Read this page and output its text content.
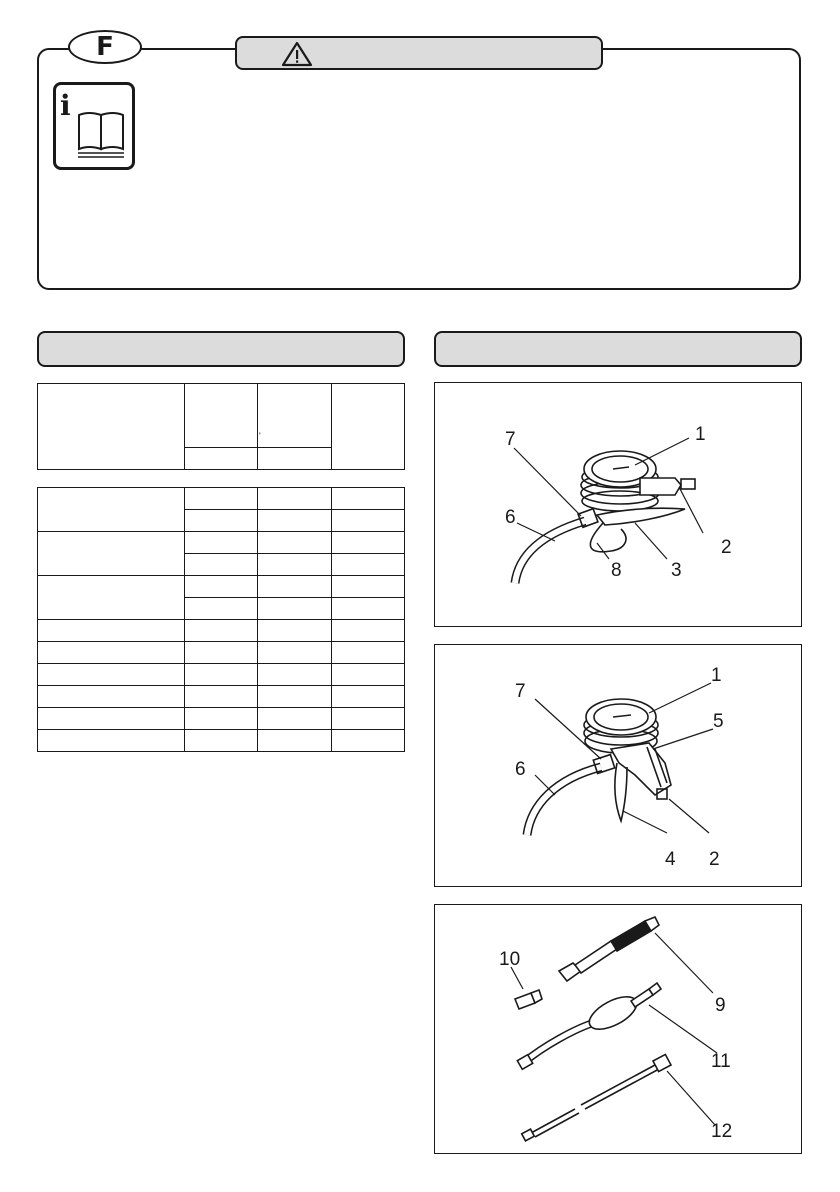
F
i

'

				1
2
3
6
7
8
1
2
4
5
6
7
10
9
11
12
